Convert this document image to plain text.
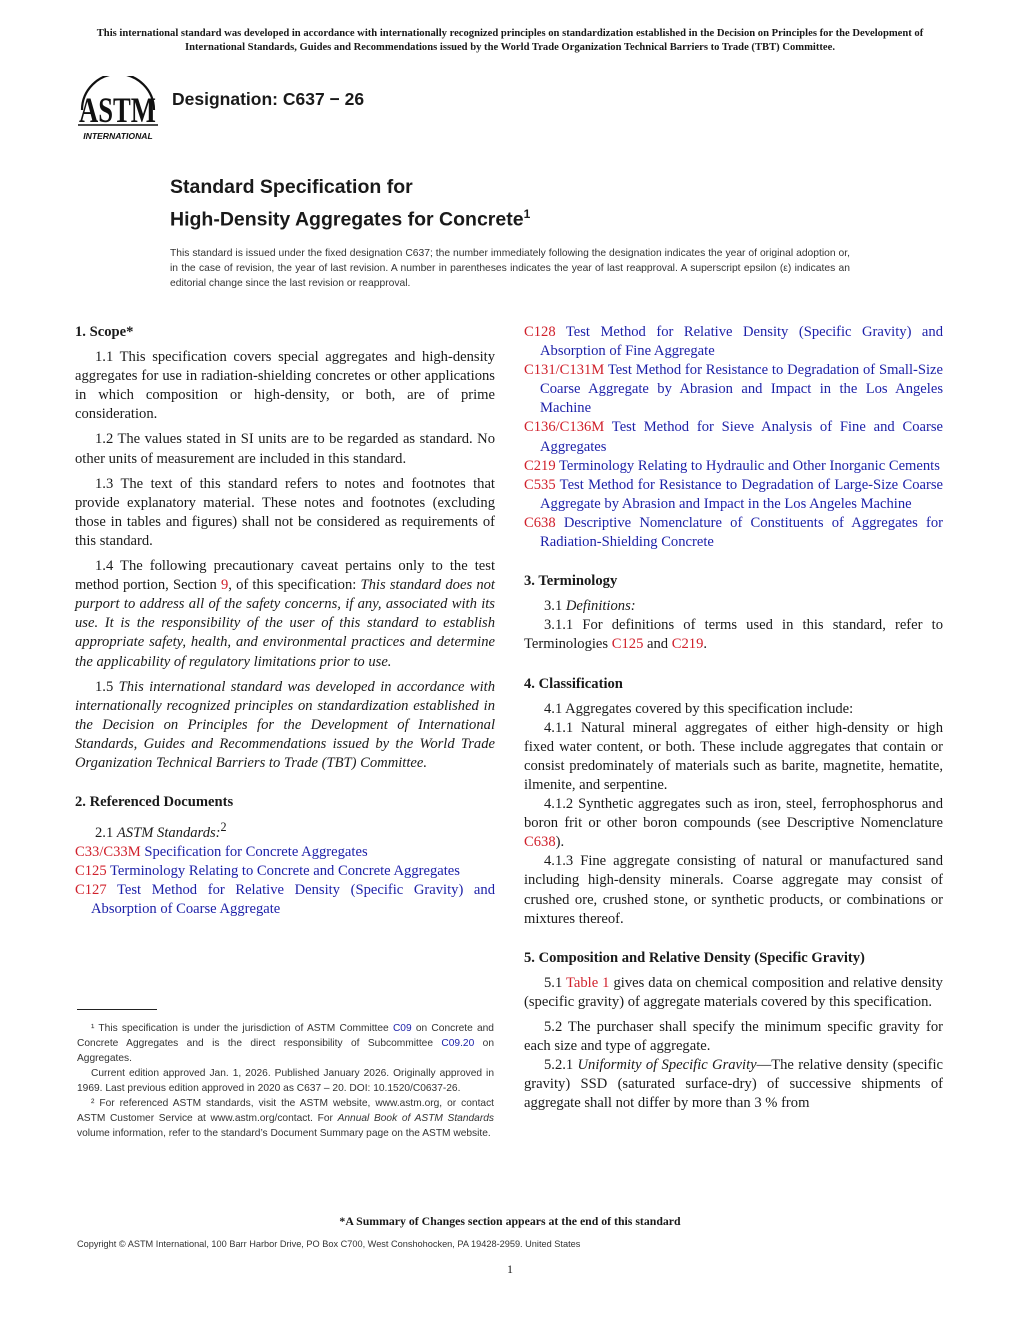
This international standard was developed in accordance with internationally recognized principles on standardization established in the Decision on Principles for the Development of International Standards, Guides and Recommendations issued by the World Trade Organization Technical Barriers to Trade (TBT) Committee.
ASTM
INTERNATIONAL
Designation: C637 − 26
Standard Specification for
High-Density Aggregates for Concrete$^1$
This standard is issued under the fixed designation C637; the number immediately following the designation indicates the year of original adoption or, in the case of revision, the year of last revision. A number in parentheses indicates the year of last reapproval. A superscript epsilon (ε) indicates an editorial change since the last revision or reapproval.

1. Scope*

1.1 This specification covers special aggregates and high-density aggregates for use in radiation-shielding concretes or other applications in which composition or high-density, or both, are of prime consideration.

1.2 The values stated in SI units are to be regarded as standard. No other units of measurement are included in this standard.

1.3 The text of this standard refers to notes and footnotes that provide explanatory material. These notes and footnotes (excluding those in tables and figures) shall not be considered as requirements of this standard.

1.4 The following precautionary caveat pertains only to the test method portion, Section 9, of this specification: This standard does not purport to address all of the safety concerns, if any, associated with its use. It is the responsibility of the user of this standard to establish appropriate safety, health, and environmental practices and determine the applicability of regulatory limitations prior to use.

1.5 This international standard was developed in accordance with internationally recognized principles on standardization established in the Decision on Principles for the Development of International Standards, Guides and Recommendations issued by the World Trade Organization Technical Barriers to Trade (TBT) Committee.

2. Referenced Documents

2.1 ASTM Standards:$^2$

C33/C33M Specification for Concrete Aggregates

C125 Terminology Relating to Concrete and Concrete Aggregates

C127 Test Method for Relative Density (Specific Gravity) and Absorption of Coarse Aggregate

C128 Test Method for Relative Density (Specific Gravity) and Absorption of Fine Aggregate

C131/C131M Test Method for Resistance to Degradation of Small-Size Coarse Aggregate by Abrasion and Impact in the Los Angeles Machine

C136/C136M Test Method for Sieve Analysis of Fine and Coarse Aggregates

C219 Terminology Relating to Hydraulic and Other Inorganic Cements

C535 Test Method for Resistance to Degradation of Large-Size Coarse Aggregate by Abrasion and Impact in the Los Angeles Machine

C638 Descriptive Nomenclature of Constituents of Aggregates for Radiation-Shielding Concrete

3. Terminology

3.1 Definitions:

3.1.1 For definitions of terms used in this standard, refer to Terminologies C125 and C219.

4. Classification

4.1 Aggregates covered by this specification include:

4.1.1 Natural mineral aggregates of either high-density or high fixed water content, or both. These include aggregates that contain or consist predominately of materials such as barite, magnetite, hematite, ilmenite, and serpentine.

4.1.2 Synthetic aggregates such as iron, steel, ferrophosphorus and boron frit or other boron compounds (see Descriptive Nomenclature C638).

4.1.3 Fine aggregate consisting of natural or manufactured sand including high-density minerals. Coarse aggregate may consist of crushed ore, crushed stone, or synthetic products, or combinations or mixtures thereof.

5. Composition and Relative Density (Specific Gravity)

5.1 Table 1 gives data on chemical composition and relative density (specific gravity) of aggregate materials covered by this specification.

5.2 The purchaser shall specify the minimum specific gravity for each size and type of aggregate.

5.2.1 Uniformity of Specific Gravity—The relative density (specific gravity) SSD (saturated surface-dry) of successive shipments of aggregate shall not differ by more than 3 % from

¹ This specification is under the jurisdiction of ASTM Committee C09 on Concrete and Concrete Aggregates and is the direct responsibility of Subcommittee C09.20 on Aggregates.

Current edition approved Jan. 1, 2026. Published January 2026. Originally approved in 1969. Last previous edition approved in 2020 as C637 – 20. DOI: 10.1520/C0637-26.

² For referenced ASTM standards, visit the ASTM website, www.astm.org, or contact ASTM Customer Service at www.astm.org/contact. For Annual Book of ASTM Standards volume information, refer to the standard’s Document Summary page on the ASTM website.

*A Summary of Changes section appears at the end of this standard
Copyright © ASTM International, 100 Barr Harbor Drive, PO Box C700, West Conshohocken, PA 19428-2959. United States
1
